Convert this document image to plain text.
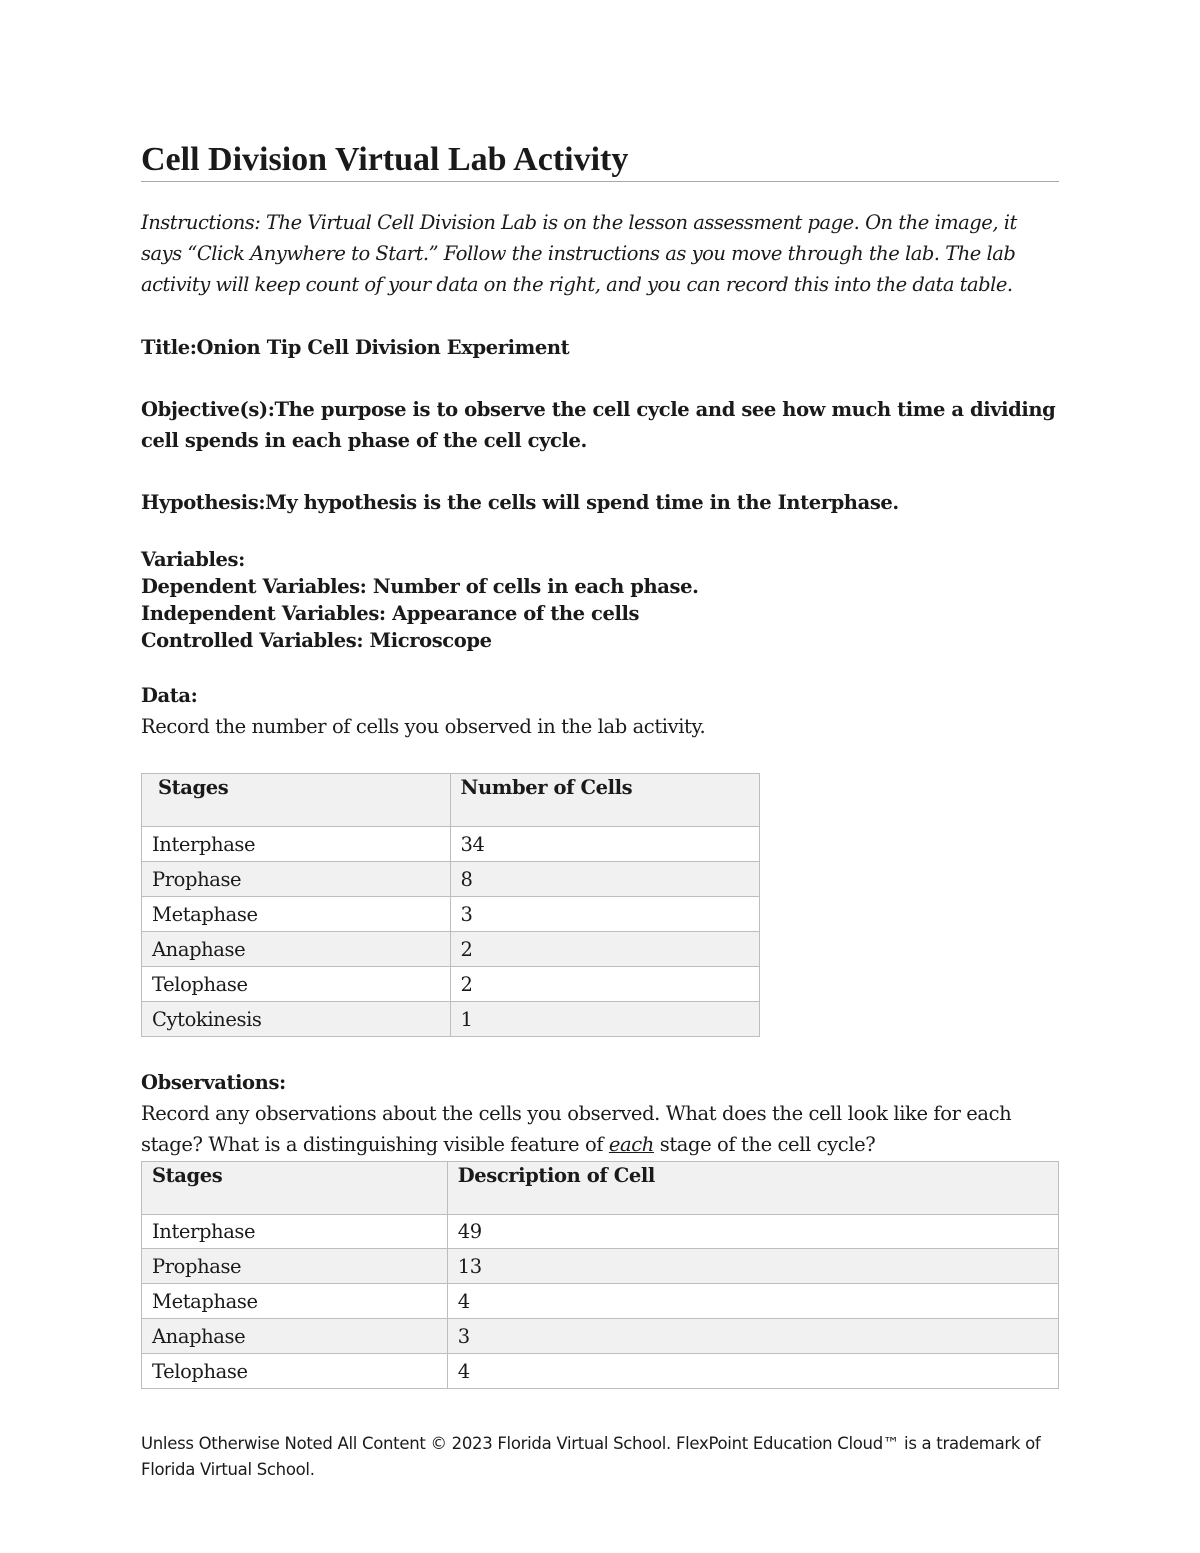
Cell Division Virtual Lab Activity

Instructions: The Virtual Cell Division Lab is on the lesson assessment page. On the image, it says “Click Anywhere to Start.” Follow the instructions as you move through the lab. The lab activity will keep count of your data on the right, and you can record this into the data table.

Title:Onion Tip Cell Division Experiment

Objective(s):The purpose is to observe the cell cycle and see how much time a dividing cell spends in each phase of the cell cycle.

Hypothesis:My hypothesis is the cells will spend time in the Interphase.

Variables:
Dependent Variables: Number of cells in each phase.
Independent Variables: Appearance of the cells
Controlled Variables: Microscope

Data:

Record the number of cells you observed in the lab activity.

Stages	Number of Cells
Interphase	34
Prophase	8
Metaphase	3
Anaphase	2
Telophase	2
Cytokinesis	1

Observations:

Record any observations about the cells you observed. What does the cell look like for each stage? What is a distinguishing visible feature of each stage of the cell cycle?

Stages	Description of Cell
Interphase	49
Prophase	13
Metaphase	4
Anaphase	3
Telophase	4

Unless Otherwise Noted All Content © 2023 Florida Virtual School. FlexPoint Education Cloud™ is a trademark of Florida Virtual School.
